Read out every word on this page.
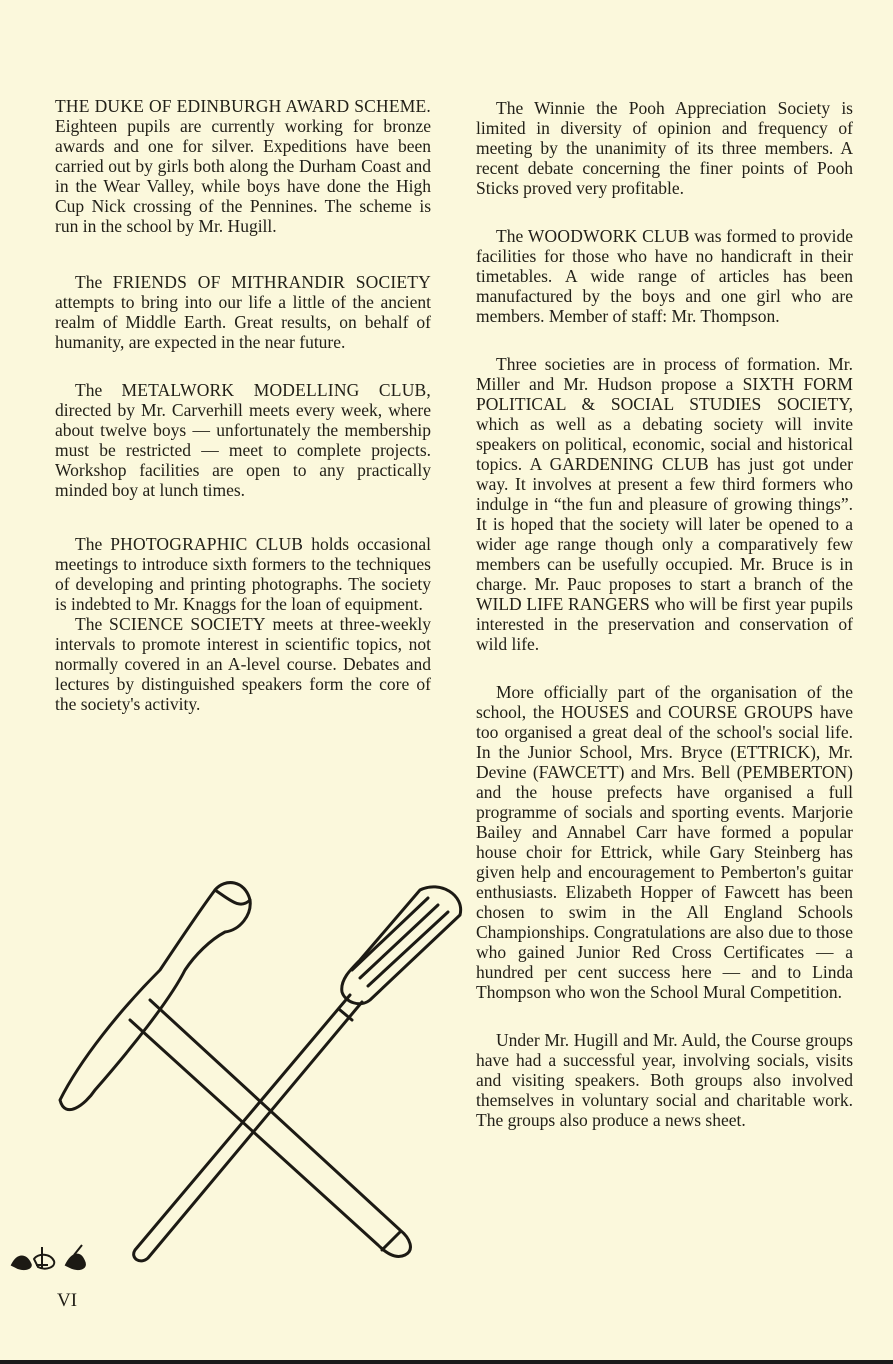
THE DUKE OF EDINBURGH AWARD SCHEME. Eighteen pupils are currently working for bronze awards and one for silver. Expeditions have been carried out by girls both along the Durham Coast and in the Wear Valley, while boys have done the High Cup Nick crossing of the Pennines. The scheme is run in the school by Mr. Hugill.

The FRIENDS OF MITHRANDIR SOCIETY attempts to bring into our life a little of the ancient realm of Middle Earth. Great results, on behalf of humanity, are expected in the near future.

The METALWORK MODELLING CLUB, directed by Mr. Carverhill meets every week, where about twelve boys — unfortunately the membership must be restricted — meet to complete projects. Workshop facilities are open to any practically minded boy at lunch times.

The PHOTOGRAPHIC CLUB holds occasional meetings to introduce sixth formers to the techniques of developing and printing photographs. The society is indebted to Mr. Knaggs for the loan of equipment.

The SCIENCE SOCIETY meets at three-weekly intervals to promote interest in scientific topics, not normally covered in an A-level course. Debates and lectures by distinguished speakers form the core of the society's activity.

The Winnie the Pooh Appreciation Society is limited in diversity of opinion and frequency of meeting by the unanimity of its three members. A recent debate concerning the finer points of Pooh Sticks proved very profitable.

The WOODWORK CLUB was formed to provide facilities for those who have no handicraft in their timetables. A wide range of articles has been manufactured by the boys and one girl who are members. Member of staff: Mr. Thompson.

Three societies are in process of formation. Mr. Miller and Mr. Hudson propose a SIXTH FORM POLITICAL & SOCIAL STUDIES SOCIETY, which as well as a debating society will invite speakers on political, economic, social and historical topics. A GARDENING CLUB has just got under way. It involves at present a few third formers who indulge in “the fun and pleasure of growing things”. It is hoped that the society will later be opened to a wider age range though only a comparatively few members can be usefully occupied. Mr. Bruce is in charge. Mr. Pauc proposes to start a branch of the WILD LIFE RANGERS who will be first year pupils interested in the preservation and conservation of wild life.

More officially part of the organisation of the school, the HOUSES and COURSE GROUPS have too organised a great deal of the school's social life. In the Junior School, Mrs. Bryce (ETTRICK), Mr. Devine (FAWCETT) and Mrs. Bell (PEMBERTON) and the house prefects have organised a full programme of socials and sporting events. Marjorie Bailey and Annabel Carr have formed a popular house choir for Ettrick, while Gary Steinberg has given help and encouragement to Pemberton's guitar enthusiasts. Elizabeth Hopper of Fawcett has been chosen to swim in the All England Schools Championships. Congratulations are also due to those who gained Junior Red Cross Certificates — a hundred per cent success here — and to Linda Thompson who won the School Mural Competition.

Under Mr. Hugill and Mr. Auld, the Course groups have had a successful year, involving socials, visits and visiting speakers. Both groups also involved themselves in voluntary social and charitable work. The groups also produce a news sheet.

VI
